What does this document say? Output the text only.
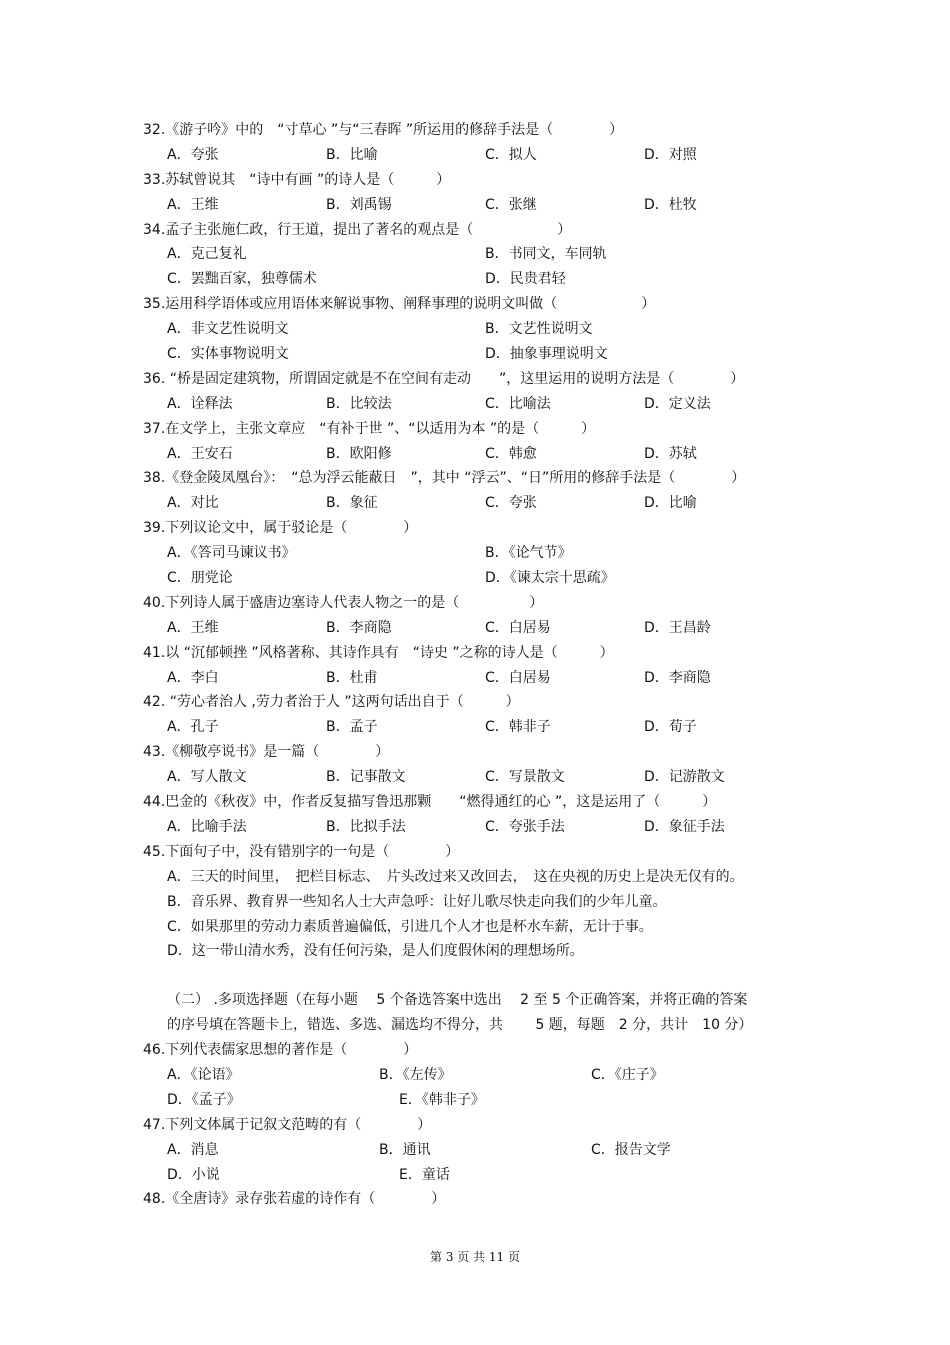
32.《游子吟》中的　“寸草心 ”与“三春晖 ”所运用的修辞手法是（　　　　）
A．夸张	B．比喻	C．拟人	D．对照
33.苏轼曾说其　“诗中有画 ”的诗人是（　　　）
A．王维	B．刘禹锡	C．张继	D．杜牧
34.孟子主张施仁政，行王道，提出了著名的观点是（　　　　　　）
A．克己复礼	B．书同文，车同轨
C．罢黜百家，独尊儒术	D．民贵君轻
35.运用科学语体或应用语体来解说事物、阐释事理的说明文叫做（　　　　　　）
A．非文艺性说明文	B．文艺性说明文
C．实体事物说明文	D．抽象事理说明文
36. “桥是固定建筑物，所谓固定就是不在空间有走动　　”，这里运用的说明方法是（　　　　）
A．诠释法	B．比较法	C．比喻法	D．定义法
37.在文学上，主张文章应　“有补于世 ”、“以适用为本 ”的是（　　　）
A．王安石	B．欧阳修	C．韩愈	D．苏轼
38.《登金陵凤凰台》：　“总为浮云能蔽日　”，其中 “浮云”、“日”所用的修辞手法是（　　　　）
A．对比	B．象征	C．夸张	D．比喻
39.下列议论文中，属于驳论是（　　　　）
A．《答司马谏议书》	B．《论气节》
C．朋党论	D．《谏太宗十思疏》
40.下列诗人属于盛唐边塞诗人代表人物之一的是（　　　　　）
A．王维	B．李商隐	C．白居易	D．王昌龄
41.以 “沉郁顿挫 ”风格著称、其诗作具有　“诗史 ”之称的诗人是（　　　）
A．李白	B．杜甫	C．白居易	D．李商隐
42. “劳心者治人 ,劳力者治于人 ”这两句话出自于（　　　）
A．孔子	B．孟子	C．韩非子	D．荀子
43.《柳敬亭说书》是一篇（　　　　）
A．写人散文	B．记事散文	C．写景散文	D．记游散文
44.巴金的《秋夜》中，作者反复描写鲁迅那颗　　“燃得通红的心 ”，这是运用了（　　　）
A．比喻手法	B．比拟手法	C．夸张手法	D．象征手法
45.下面句子中，没有错别字的一句是（　　　　）
A．三天的时间里，　把栏目标志、　片头改过来又改回去，　这在央视的历史上是决无仅有的。
B．音乐界、教育界一些知名人士大声急呼：让好儿歌尽快走向我们的少年儿童。
C．如果那里的劳动力素质普遍偏低，引进几个人才也是杯水车薪，无计于事。
D．这一带山清水秀，没有任何污染，是人们度假休闲的理想场所。
（二） .多项选择题（在每小题　 5 个备选答案中选出　 2 至 5 个正确答案，并将正确的答案
的序号填在答题卡上，错选、多选、漏选均不得分，共　　 5 题，每题　2 分，共计　10 分）
46.下列代表儒家思想的著作是（　　　　）
A．《论语》	B．《左传》	C．《庄子》
D．《孟子》	E．《韩非子》
47.下列文体属于记叙文范畴的有（　　　　）
A．消息	B．通讯	C．报告文学
D．小说	E．童话
48.《全唐诗》录存张若虚的诗作有（　　　　）
第 3 页 共 11 页
